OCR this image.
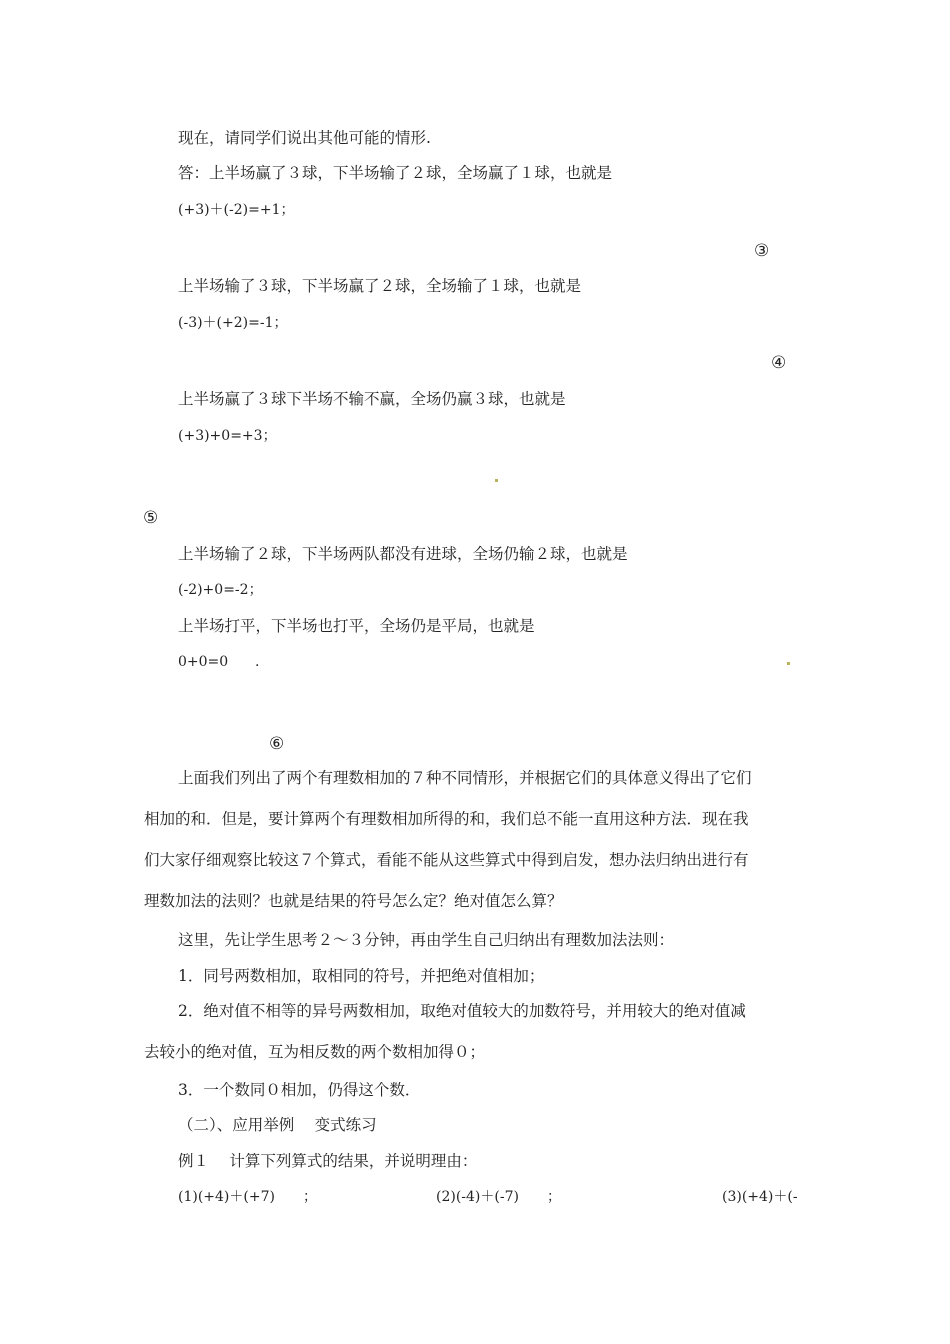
现在，请同学们说出其他可能的情形.
答：上半场赢了３球，下半场输了２球，全场赢了１球，也就是
(+3)＋(-2)=+1；
③
上半场输了３球，下半场赢了２球，全场输了１球，也就是
(-3)＋(+2)=-1；
④
上半场赢了３球下半场不输不赢，全场仍赢３球，也就是
(+3)+0=+3；
⑤
上半场输了２球，下半场两队都没有进球，全场仍输２球，也就是
(-2)+0=-2；
上半场打平，下半场也打平，全场仍是平局，也就是
0+0=0 .
⑥
上面我们列出了两个有理数相加的７种不同情形，并根据它们的具体意义得出了它们
相加的和．但是，要计算两个有理数相加所得的和，我们总不能一直用这种方法．现在我
们大家仔细观察比较这７个算式，看能不能从这些算式中得到启发，想办法归纳出进行有
理数加法的法则？也就是结果的符号怎么定？绝对值怎么算？
这里，先让学生思考２～３分钟，再由学生自己归纳出有理数加法法则：
1．同号两数相加，取相同的符号，并把绝对值相加；
2．绝对值不相等的异号两数相加，取绝对值较大的加数符号，并用较大的绝对值减
去较小的绝对值，互为相反数的两个数相加得０；
3．一个数同０相加，仍得这个数．
（二）、应用举例　 变式练习
例１　 计算下列算式的结果，并说明理由：
(1)(+4)＋(+7)　　；	(2)(-4)＋(-7)　　；	(3)(+4)＋(-
